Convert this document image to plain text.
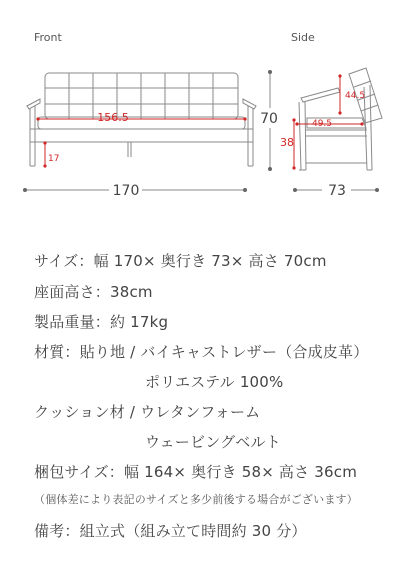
Front
156.5
17
170
Side
44.5
49.5
38
70
73
サイズ：幅 170× 奥行き 73× 高さ 70cm
座面高さ：38cm
製品重量：約 17kg
材質：貼り地 / バイキャストレザー（合成皮革）
ポリエステル 100%
クッション材 / ウレタンフォーム
ウェービングベルト
梱包サイズ：幅 164× 奥行き 58× 高さ 36cm
（個体差により表記のサイズと多少前後する場合がございます）
備考：組立式（組み立て時間約 30 分）
